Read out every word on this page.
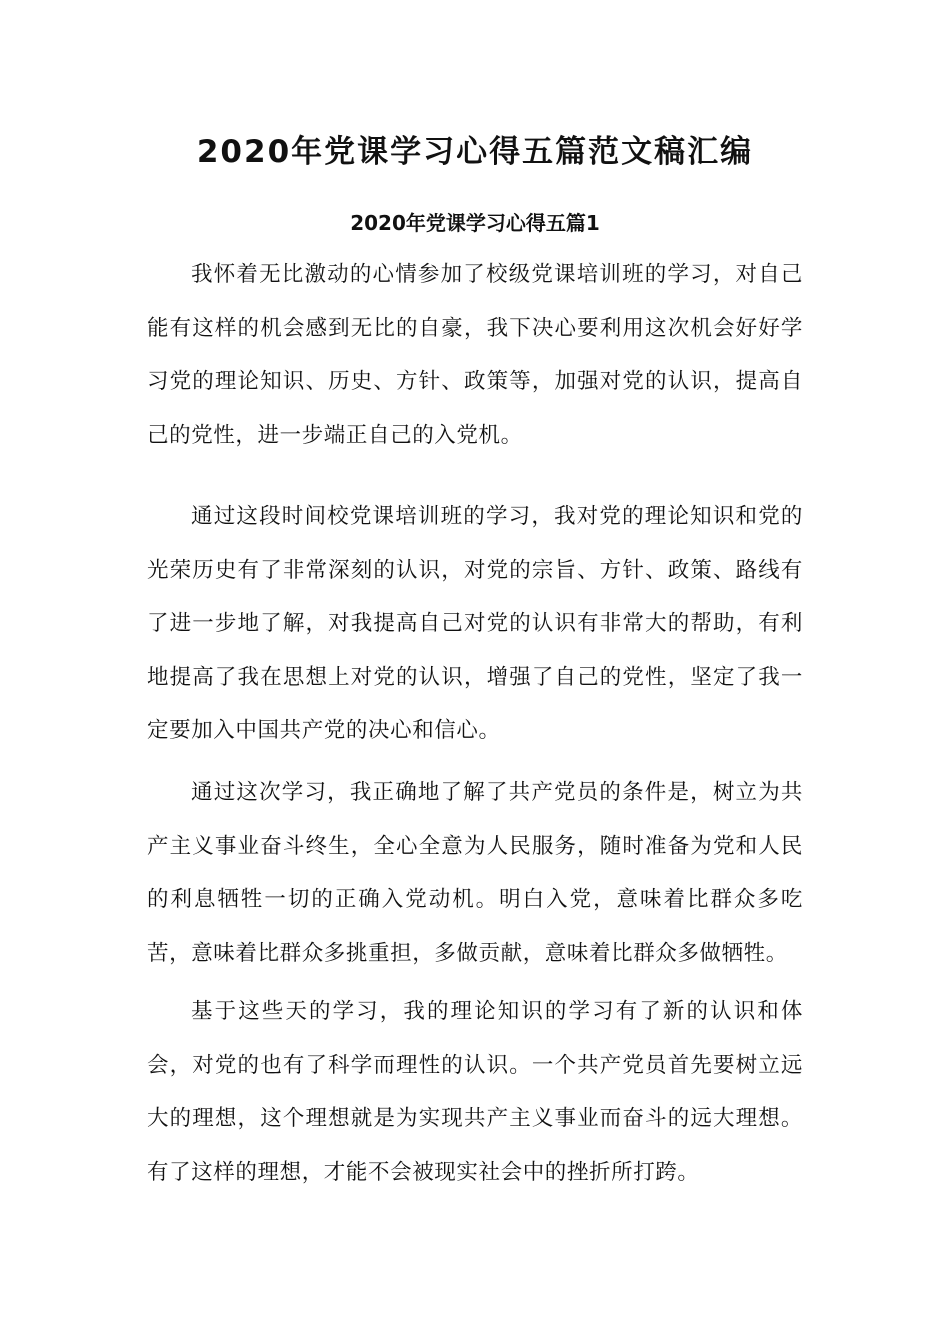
2020年党课学习心得五篇范文稿汇编
2020年党课学习心得五篇1

我怀着无比激动的心情参加了校级党课培训班的学习，对自己能有这样的机会感到无比的自豪，我下决心要利用这次机会好好学习党的理论知识、历史、方针、政策等，加强对党的认识，提高自己的党性，进一步端正自己的入党机。

通过这段时间校党课培训班的学习，我对党的理论知识和党的光荣历史有了非常深刻的认识，对党的宗旨、方针、政策、路线有了进一步地了解，对我提高自己对党的认识有非常大的帮助，有利地提高了我在思想上对党的认识，增强了自己的党性，坚定了我一定要加入中国共产党的决心和信心。

通过这次学习，我正确地了解了共产党员的条件是，树立为共产主义事业奋斗终生，全心全意为人民服务，随时准备为党和人民的利息牺牲一切的正确入党动机。明白入党，意味着比群众多吃苦，意味着比群众多挑重担，多做贡献，意味着比群众多做牺牲。

基于这些天的学习，我的理论知识的学习有了新的认识和体会，对党的也有了科学而理性的认识。一个共产党员首先要树立远大的理想，这个理想就是为实现共产主义事业而奋斗的远大理想。有了这样的理想，才能不会被现实社会中的挫折所打跨。
